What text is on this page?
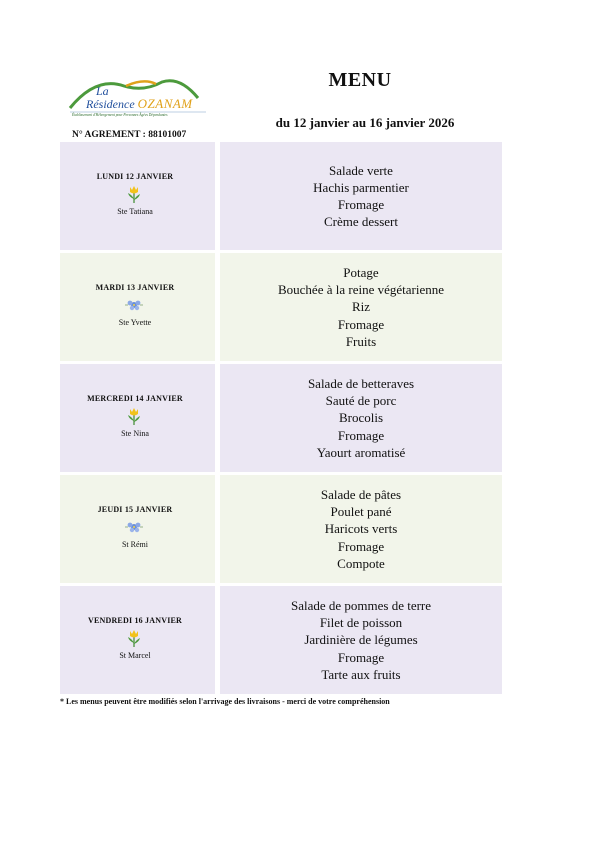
La
Résidence OZANAM
Établissement d'Hébergement pour Personnes Âgées Dépendantes
N° AGREMENT : 88101007
MENU
du 12 janvier au 16 janvier 2026
LUNDI 12 JANVIER
Ste Tatiana
Salade verte
Hachis parmentier
Fromage
Crème dessert
MARDI 13 JANVIER
Ste Yvette
Potage
Bouchée à la reine végétarienne
Riz
Fromage
Fruits
MERCREDI 14 JANVIER
Ste Nina
Salade de betteraves
Sauté de porc
Brocolis
Fromage
Yaourt aromatisé
JEUDI 15 JANVIER
St Rémi
Salade de pâtes
Poulet pané
Haricots verts
Fromage
Compote
VENDREDI 16 JANVIER
St Marcel
Salade de pommes de terre
Filet de poisson
Jardinière de légumes
Fromage
Tarte aux fruits
* Les menus peuvent être modifiés selon l'arrivage des livraisons - merci de votre compréhension
